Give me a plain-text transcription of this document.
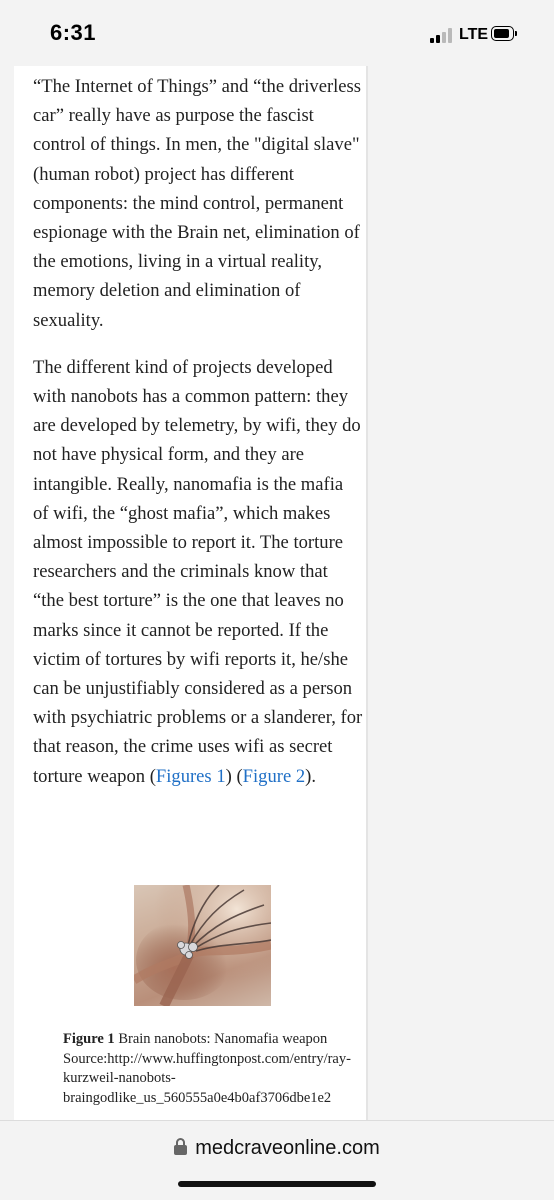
6:31	LTE

“The Internet of Things” and “the driverless car” really have as purpose the fascist control of things. In men, the "digital slave" (human robot) project has different components: the mind control, permanent espionage with the Brain net, elimination of the emotions, living in a virtual reality, memory deletion and elimination of sexuality.

The different kind of projects developed with nanobots has a common pattern: they are developed by telemetry, by wifi, they do not have physical form, and they are intangible. Really, nanomafia is the mafia of wifi, the “ghost mafia”, which makes almost impossible to report it. The torture researchers and the criminals know that “the best torture” is the one that leaves no marks since it cannot be reported. If the victim of tortures by wifi reports it, he/she can be unjustifiably considered as a person with psychiatric problems or a slanderer, for that reason, the crime uses wifi as secret torture weapon (Figures 1) (Figure 2).

Figure 1 Brain nanobots: Nanomafia weapon
Source:http://www.huffingtonpost.com/entry/ray-
kurzweil-nanobots-
braingodlike_us_560555a0e4b0af3706dbe1e2
medcraveonline.com
